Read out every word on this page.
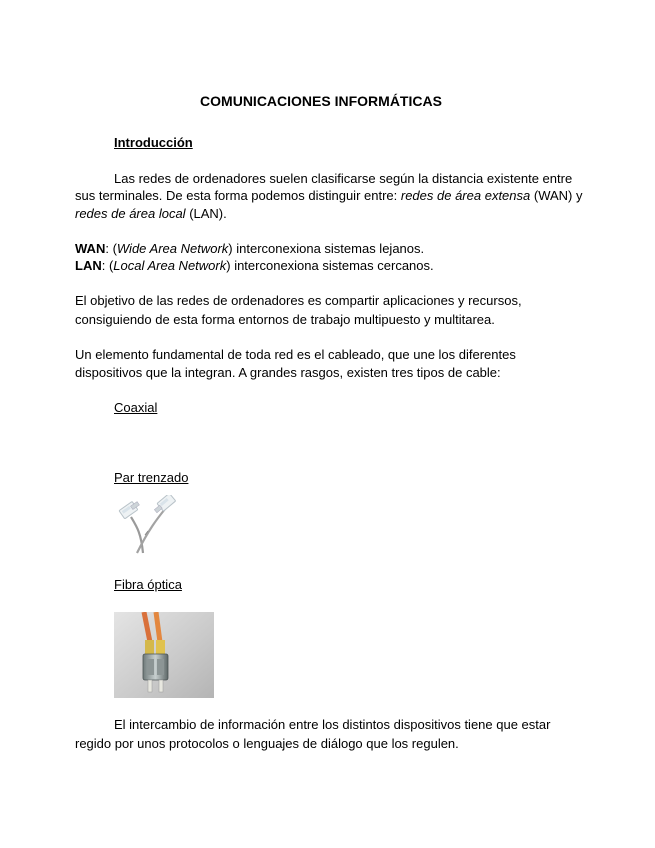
COMUNICACIONES INFORMÁTICAS
Introducción
Las redes de ordenadores suelen clasificarse según la distancia existente entre
sus terminales. De esta forma podemos distinguir entre: redes de área extensa (WAN) y
redes de área local (LAN).
WAN: (Wide Area Network) interconexiona sistemas lejanos.
LAN: (Local Area Network) interconexiona sistemas cercanos.
El objetivo de las redes de ordenadores es compartir aplicaciones y recursos,
consiguiendo de esta forma entornos de trabajo multipuesto y multitarea.
Un elemento fundamental de toda red es el cableado, que une los diferentes
dispositivos que la integran. A grandes rasgos, existen tres tipos de cable:
Coaxial
Par trenzado
Fibra óptica
El intercambio de información entre los distintos dispositivos tiene que estar
regido por unos protocolos o lenguajes de diálogo que los regulen.
